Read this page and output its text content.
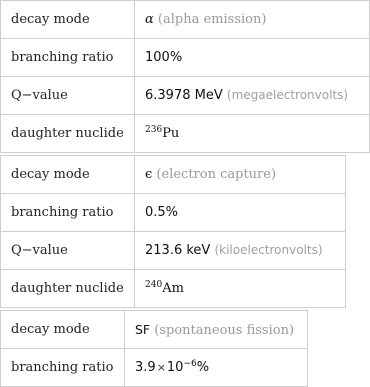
decay mode	α (alpha emission)
branching ratio	100%
Q−value	6.3978 MeV (megaelectronvolts)
daughter nuclide	$^{236}$Pu
decay mode	ϵ (electron capture)
branching ratio	0.5%
Q−value	213.6 keV (kiloelectronvolts)
daughter nuclide	$^{240}$Am
decay mode	SF (spontaneous fission)
branching ratio	$3.9\times 10^{-6}\%$
